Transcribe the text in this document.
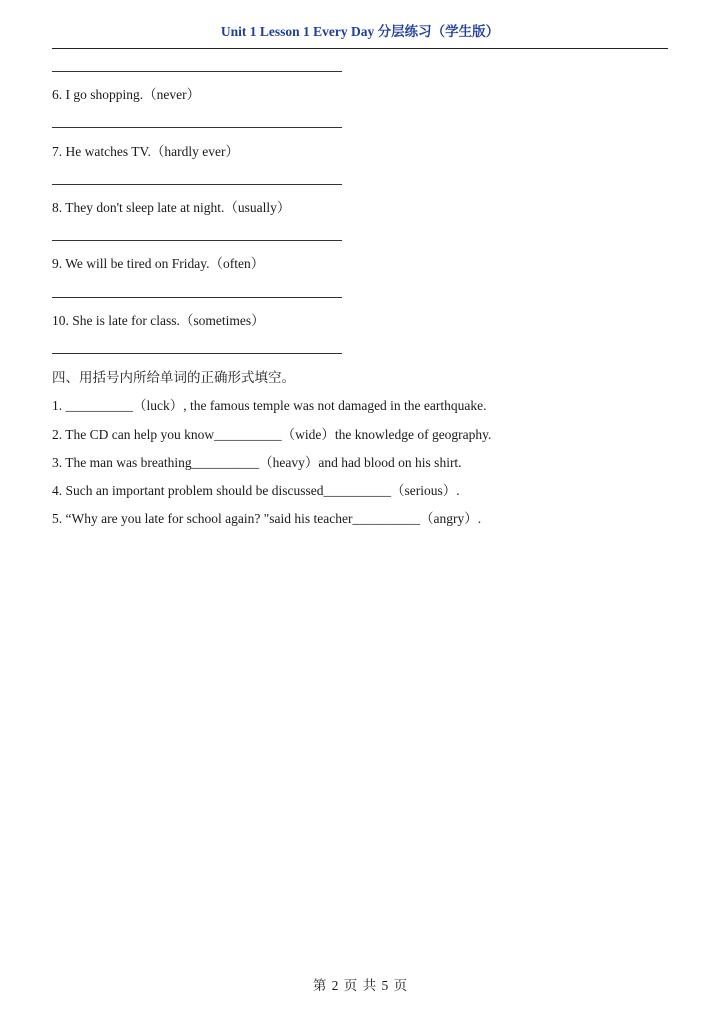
Unit 1 Lesson 1 Every Day 分层练习（学生版）
6. I go shopping.（never）
7. He watches TV.（hardly ever）
8. They don't sleep late at night.（usually）
9. We will be tired on Friday.（often）
10. She is late for class.（sometimes）
四、用括号内所给单词的正确形式填空。
1. __________（luck）, the famous temple was not damaged in the earthquake.
2. The CD can help you know__________（wide）the knowledge of geography.
3. The man was breathing__________（heavy）and had blood on his shirt.
4. Such an important problem should be discussed__________（serious）.
5. “Why are you late for school again? "said his teacher__________（angry）.
第 2 页 共 5 页
